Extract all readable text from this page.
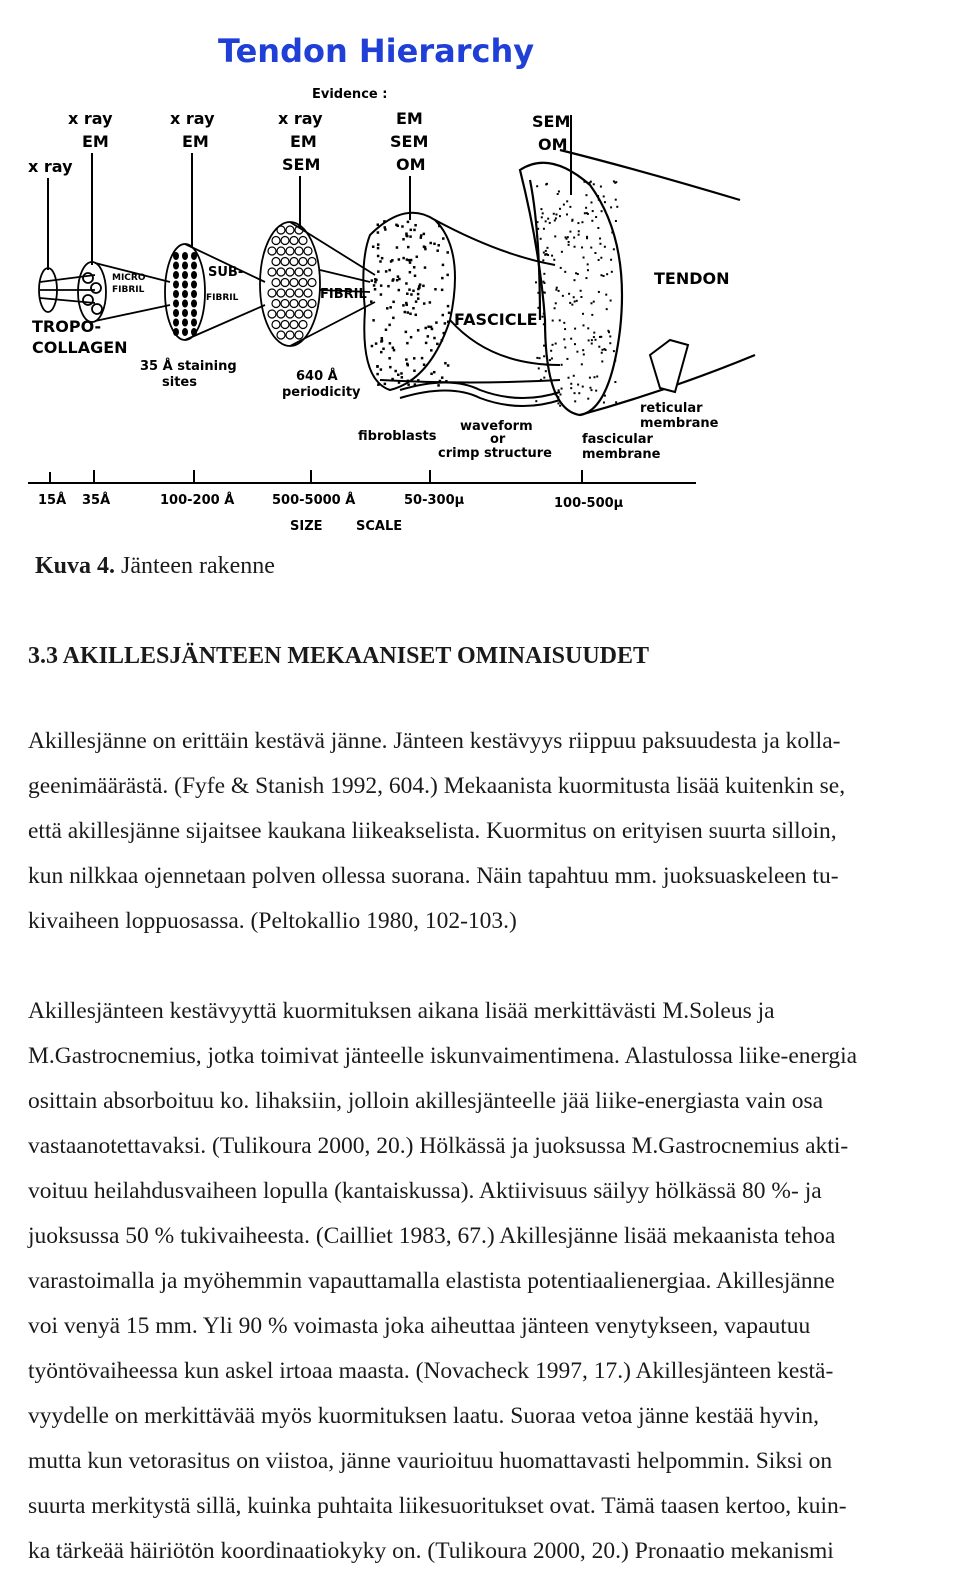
Tendon Hierarchy
Evidence :
x ray
x ray
EM
x ray
EM
x ray
EM
SEM
EM
SEM
OM
SEM
OM
MICRO
FIBRIL
SUB-
FIBRIL	FIBRIL
FASCICLE
TENDON
TROPO-
COLLAGEN
35 Å staining
sites	640 Å
periodicity
fibroblasts
waveform
or
crimp structure
fascicular
membrane
reticular
membrane
15Å 35Å	100-200 Å	500-5000 Å	50-300μ	100-500μ
SIZE	SCALE
Kuva 4. Jänteen rakenne
3.3 AKILLESJÄNTEEN MEKAANISET OMINAISUUDET

Akillesjänne on erittäin kestävä jänne. Jänteen kestävyys riippuu paksuudesta ja kolla-
geenimäärästä. (Fyfe & Stanish 1992, 604.) Mekaanista kuormitusta lisää kuitenkin se,
että akillesjänne sijaitsee kaukana liikeakselista. Kuormitus on erityisen suurta silloin,
kun nilkkaa ojennetaan polven ollessa suorana. Näin tapahtuu mm. juoksuaskeleen tu-
kivaiheen loppuosassa. (Peltokallio 1980, 102-103.)

Akillesjänteen kestävyyttä kuormituksen aikana lisää merkittävästi M.Soleus ja
M.Gastrocnemius, jotka toimivat jänteelle iskunvaimentimena. Alastulossa liike-energia
osittain absorboituu ko. lihaksiin, jolloin akillesjänteelle jää liike-energiasta vain osa
vastaanotettavaksi. (Tulikoura 2000, 20.) Hölkässä ja juoksussa M.Gastrocnemius akti-
voituu heilahdusvaiheen lopulla (kantaiskussa). Aktiivisuus säilyy hölkässä 80 %- ja
juoksussa 50 % tukivaiheesta. (Cailliet 1983, 67.) Akillesjänne lisää mekaanista tehoa
varastoimalla ja myöhemmin vapauttamalla elastista potentiaalienergiaa. Akillesjänne
voi venyä 15 mm. Yli 90 % voimasta joka aiheuttaa jänteen venytykseen, vapautuu
työntövaiheessa kun askel irtoaa maasta. (Novacheck 1997, 17.) Akillesjänteen kestä-
vyydelle on merkittävää myös kuormituksen laatu. Suoraa vetoa jänne kestää hyvin,
mutta kun vetorasitus on viistoa, jänne vaurioituu huomattavasti helpommin. Siksi on
suurta merkitystä sillä, kuinka puhtaita liikesuoritukset ovat. Tämä taasen kertoo, kuin-
ka tärkeää häiriötön koordinaatiokyky on. (Tulikoura 2000, 20.) Pronaatio mekanismi
